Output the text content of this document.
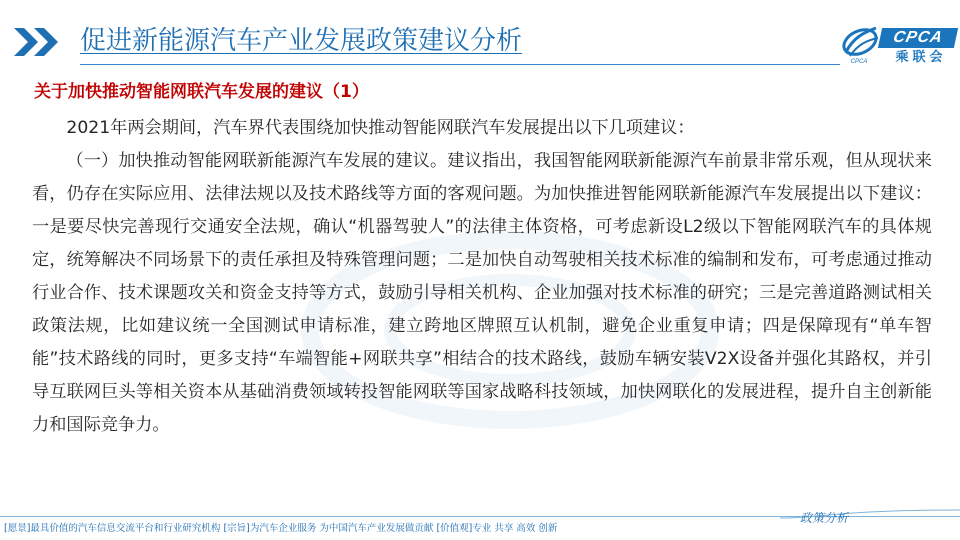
促进新能源汽车产业发展政策建议分析	CPCA
乘联会
CPCA
关于加快推动智能网联汽车发展的建议（1）

2021年两会期间，汽车界代表围绕加快推动智能网联汽车发展提出以下几项建议：

（一）加快推动智能网联新能源汽车发展的建议。建议指出，我国智能网联新能源汽车前景非常乐观，但从现状来看，仍存在实际应用、法律法规以及技术路线等方面的客观问题。为加快推进智能网联新能源汽车发展提出以下建议：一是要尽快完善现行交通安全法规，确认“机器驾驶人”的法律主体资格，可考虑新设L2级以下智能网联汽车的具体规定，统筹解决不同场景下的责任承担及特殊管理问题；二是加快自动驾驶相关技术标准的编制和发布，可考虑通过推动行业合作、技术课题攻关和资金支持等方式，鼓励引导相关机构、企业加强对技术标准的研究；三是完善道路测试相关政策法规，比如建议统一全国测试申请标准，建立跨地区牌照互认机制，避免企业重复申请；四是保障现有“单车智能”技术路线的同时，更多支持“车端智能+网联共享”相结合的技术路线，鼓励车辆安装V2X设备并强化其路权，并引导互联网巨头等相关资本从基础消费领域转投智能网联等国家战略科技领域，加快网联化的发展进程，提升自主创新能力和国际竞争力。

[愿景]最具价值的汽车信息交流平台和行业研究机构 [宗旨]为汽车企业服务 为中国汽车产业发展做贡献 [价值观]专业 共享 高效 创新
政策分析
